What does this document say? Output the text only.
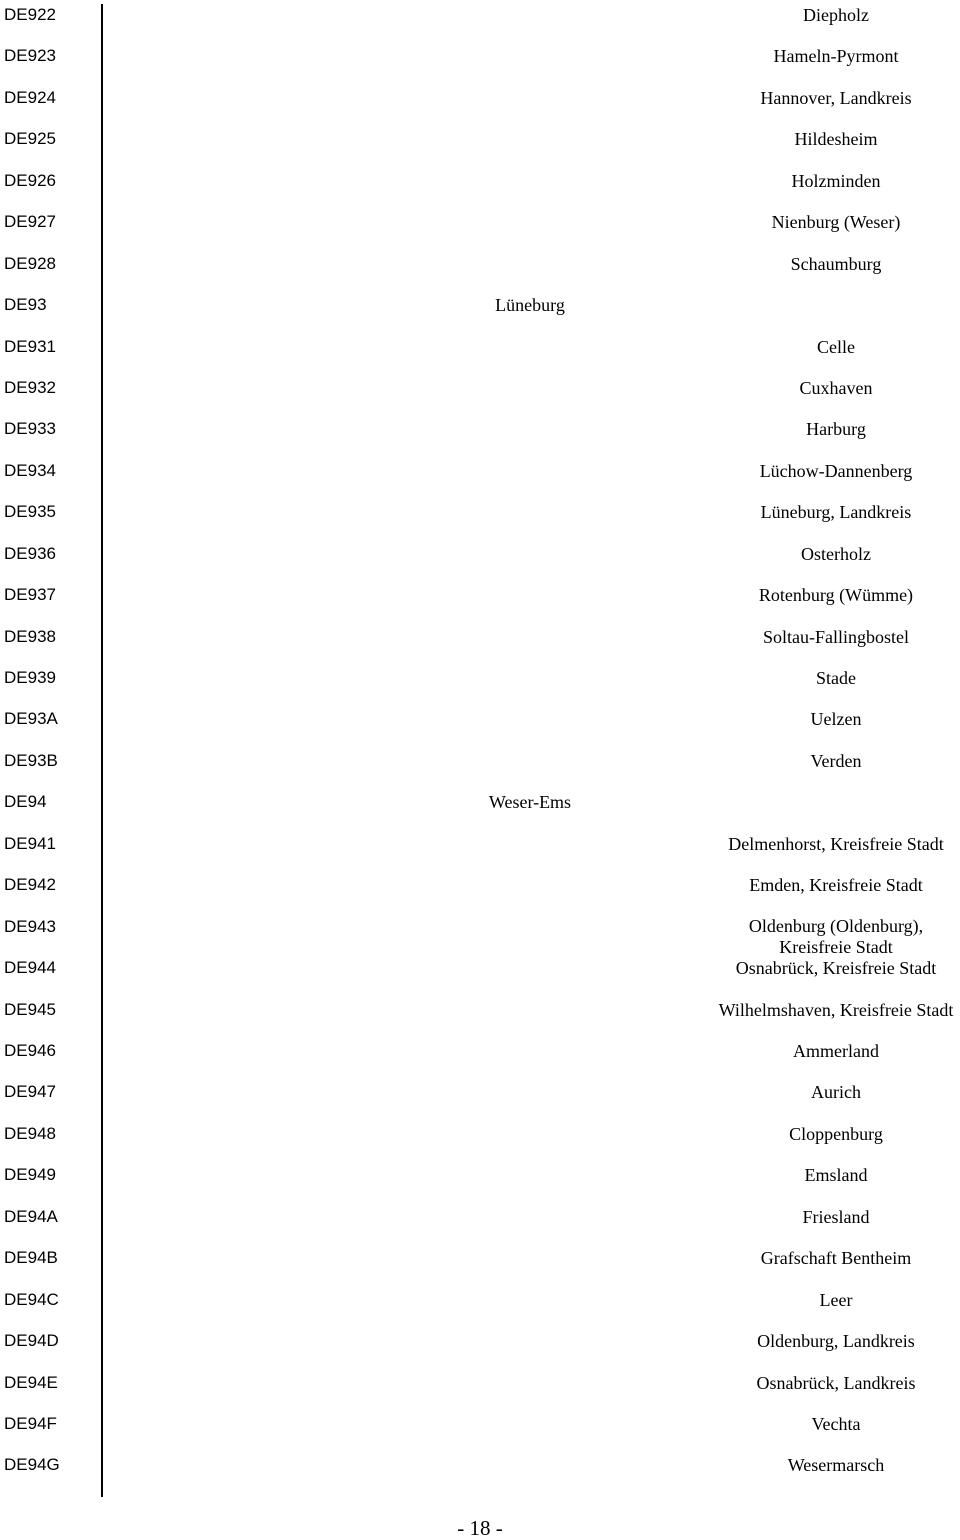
DE922	Diepholz
DE923	Hameln-Pyrmont
DE924	Hannover, Landkreis
DE925	Hildesheim
DE926	Holzminden
DE927	Nienburg (Weser)
DE928	Schaumburg
DE93	Lüneburg
DE931	Celle
DE932	Cuxhaven
DE933	Harburg
DE934	Lüchow-Dannenberg
DE935	Lüneburg, Landkreis
DE936	Osterholz
DE937	Rotenburg (Wümme)
DE938	Soltau-Fallingbostel
DE939	Stade
DE93A	Uelzen
DE93B	Verden
DE94	Weser-Ems
DE941	Delmenhorst, Kreisfreie Stadt
DE942	Emden, Kreisfreie Stadt
DE943	Oldenburg (Oldenburg), Kreisfreie Stadt
DE944	Osnabrück, Kreisfreie Stadt
DE945	Wilhelmshaven, Kreisfreie Stadt
DE946	Ammerland
DE947	Aurich
DE948	Cloppenburg
DE949	Emsland
DE94A	Friesland
DE94B	Grafschaft Bentheim
DE94C	Leer
DE94D	Oldenburg, Landkreis
DE94E	Osnabrück, Landkreis
DE94F	Vechta
DE94G	Wesermarsch
- 18 -
